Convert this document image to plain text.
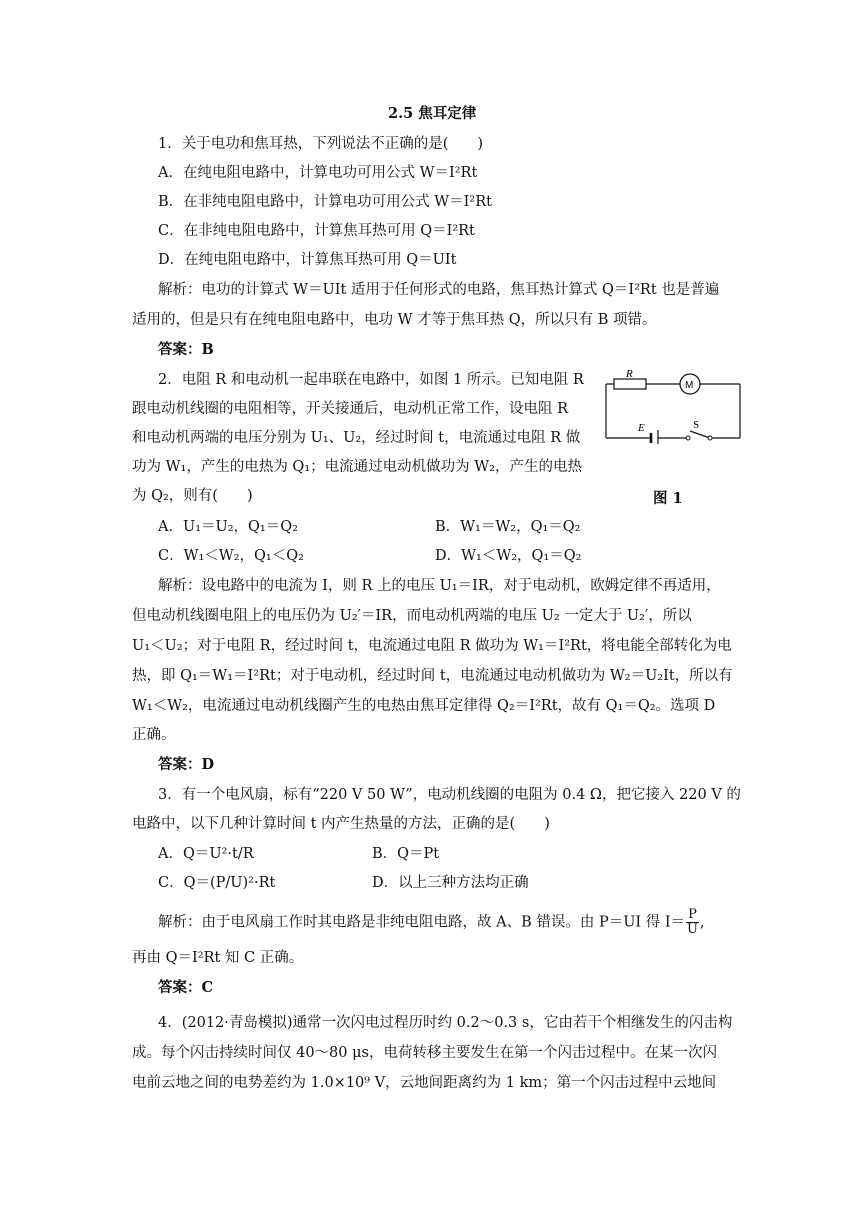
2.5 焦耳定律
1．关于电功和焦耳热，下列说法不正确的是(　　)
A．在纯电阻电路中，计算电功可用公式 W＝I²Rt
B．在非纯电阻电路中，计算电功可用公式 W＝I²Rt
C．在非纯电阻电路中，计算焦耳热可用 Q＝I²Rt
D．在纯电阻电路中，计算焦耳热可用 Q＝UIt
解析：电功的计算式 W＝UIt 适用于任何形式的电路，焦耳热计算式 Q＝I²Rt 也是普遍
适用的，但是只有在纯电阻电路中，电功 W 才等于焦耳热 Q，所以只有 B 项错。
答案：B
2．电阻 R 和电动机一起串联在电路中，如图 1 所示。已知电阻 R
跟电动机线圈的电阻相等，开关接通后，电动机正常工作，设电阻 R
和电动机两端的电压分别为 U₁、U₂，经过时间 t，电流通过电阻 R 做
功为 W₁，产生的电热为 Q₁；电流通过电动机做功为 W₂，产生的电热
为 Q₂，则有(　　)
R
M
E	S
图 1
A．U₁＝U₂，Q₁＝Q₂	B．W₁＝W₂，Q₁＝Q₂
C．W₁＜W₂，Q₁＜Q₂	D．W₁＜W₂，Q₁＝Q₂
解析：设电路中的电流为 I，则 R 上的电压 U₁＝IR，对于电动机，欧姆定律不再适用，
但电动机线圈电阻上的电压仍为 U₂′＝IR，而电动机两端的电压 U₂ 一定大于 U₂′，所以
U₁＜U₂；对于电阻 R，经过时间 t，电流通过电阻 R 做功为 W₁＝I²Rt，将电能全部转化为电
热，即 Q₁＝W₁＝I²Rt；对于电动机，经过时间 t，电流通过电动机做功为 W₂＝U₂It，所以有
W₁＜W₂，电流通过电动机线圈产生的电热由焦耳定律得 Q₂＝I²Rt，故有 Q₁＝Q₂。选项 D
正确。
答案：D
3．有一个电风扇，标有“220 V 50 W”，电动机线圈的电阻为 0.4 Ω，把它接入 220 V 的
电路中，以下几种计算时间 t 内产生热量的方法，正确的是(　　)
A．Q＝U²·t/R	B．Q＝Pt
C．Q＝(P/U)²·Rt	D．以上三种方法均正确
解析：由于电风扇工作时其电路是非纯电阻电路，故 A、B 错误。由 P＝UI 得 $I= \frac{P}{U}$ ,
再由 Q＝I²Rt 知 C 正确。
答案：C
4．(2012·青岛模拟)通常一次闪电过程历时约 0.2～0.3 s，它由若干个相继发生的闪击构
成。每个闪击持续时间仅 40～80 μs，电荷转移主要发生在第一个闪击过程中。在某一次闪
电前云地之间的电势差约为 1.0×10⁹ V，云地间距离约为 1 km；第一个闪击过程中云地间
